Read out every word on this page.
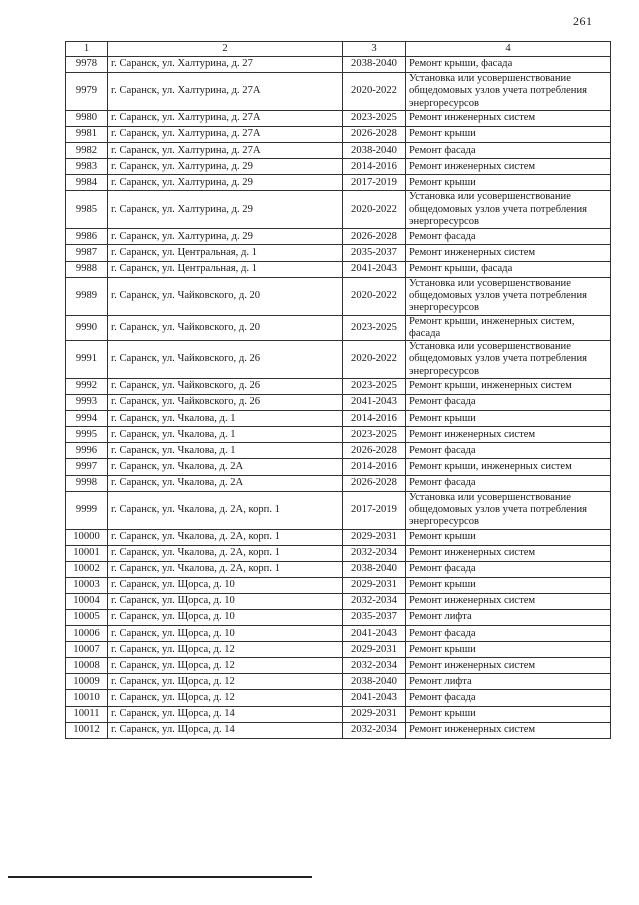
261
1	2	3	4
9978	г. Саранск, ул. Халтурина, д. 27	2038-2040	Ремонт крыши, фасада
9979	г. Саранск, ул. Халтурина, д. 27А	2020-2022	Установка или усовершенствование общедомовых узлов учета потребления энергоресурсов
9980	г. Саранск, ул. Халтурина, д. 27А	2023-2025	Ремонт инженерных систем
9981	г. Саранск, ул. Халтурина, д. 27А	2026-2028	Ремонт крыши
9982	г. Саранск, ул. Халтурина, д. 27А	2038-2040	Ремонт фасада
9983	г. Саранск, ул. Халтурина, д. 29	2014-2016	Ремонт инженерных систем
9984	г. Саранск, ул. Халтурина, д. 29	2017-2019	Ремонт крыши
9985	г. Саранск, ул. Халтурина, д. 29	2020-2022	Установка или усовершенствование общедомовых узлов учета потребления энергоресурсов
9986	г. Саранск, ул. Халтурина, д. 29	2026-2028	Ремонт фасада
9987	г. Саранск, ул. Центральная, д. 1	2035-2037	Ремонт инженерных систем
9988	г. Саранск, ул. Центральная, д. 1	2041-2043	Ремонт крыши, фасада
9989	г. Саранск, ул. Чайковского, д. 20	2020-2022	Установка или усовершенствование общедомовых узлов учета потребления энергоресурсов
9990	г. Саранск, ул. Чайковского, д. 20	2023-2025	Ремонт крыши, инженерных систем, фасада
9991	г. Саранск, ул. Чайковского, д. 26	2020-2022	Установка или усовершенствование общедомовых узлов учета потребления энергоресурсов
9992	г. Саранск, ул. Чайковского, д. 26	2023-2025	Ремонт крыши, инженерных систем
9993	г. Саранск, ул. Чайковского, д. 26	2041-2043	Ремонт фасада
9994	г. Саранск, ул. Чкалова, д. 1	2014-2016	Ремонт крыши
9995	г. Саранск, ул. Чкалова, д. 1	2023-2025	Ремонт инженерных систем
9996	г. Саранск, ул. Чкалова, д. 1	2026-2028	Ремонт фасада
9997	г. Саранск, ул. Чкалова, д. 2А	2014-2016	Ремонт крыши, инженерных систем
9998	г. Саранск, ул. Чкалова, д. 2А	2026-2028	Ремонт фасада
9999	г. Саранск, ул. Чкалова, д. 2А, корп. 1	2017-2019	Установка или усовершенствование общедомовых узлов учета потребления энергоресурсов
10000	г. Саранск, ул. Чкалова, д. 2А, корп. 1	2029-2031	Ремонт крыши
10001	г. Саранск, ул. Чкалова, д. 2А, корп. 1	2032-2034	Ремонт инженерных систем
10002	г. Саранск, ул. Чкалова, д. 2А, корп. 1	2038-2040	Ремонт фасада
10003	г. Саранск, ул. Щорса, д. 10	2029-2031	Ремонт крыши
10004	г. Саранск, ул. Щорса, д. 10	2032-2034	Ремонт инженерных систем
10005	г. Саранск, ул. Щорса, д. 10	2035-2037	Ремонт лифта
10006	г. Саранск, ул. Щорса, д. 10	2041-2043	Ремонт фасада
10007	г. Саранск, ул. Щорса, д. 12	2029-2031	Ремонт крыши
10008	г. Саранск, ул. Щорса, д. 12	2032-2034	Ремонт инженерных систем
10009	г. Саранск, ул. Щорса, д. 12	2038-2040	Ремонт лифта
10010	г. Саранск, ул. Щорса, д. 12	2041-2043	Ремонт фасада
10011	г. Саранск, ул. Щорса, д. 14	2029-2031	Ремонт крыши
10012	г. Саранск, ул. Щорса, д. 14	2032-2034	Ремонт инженерных систем
